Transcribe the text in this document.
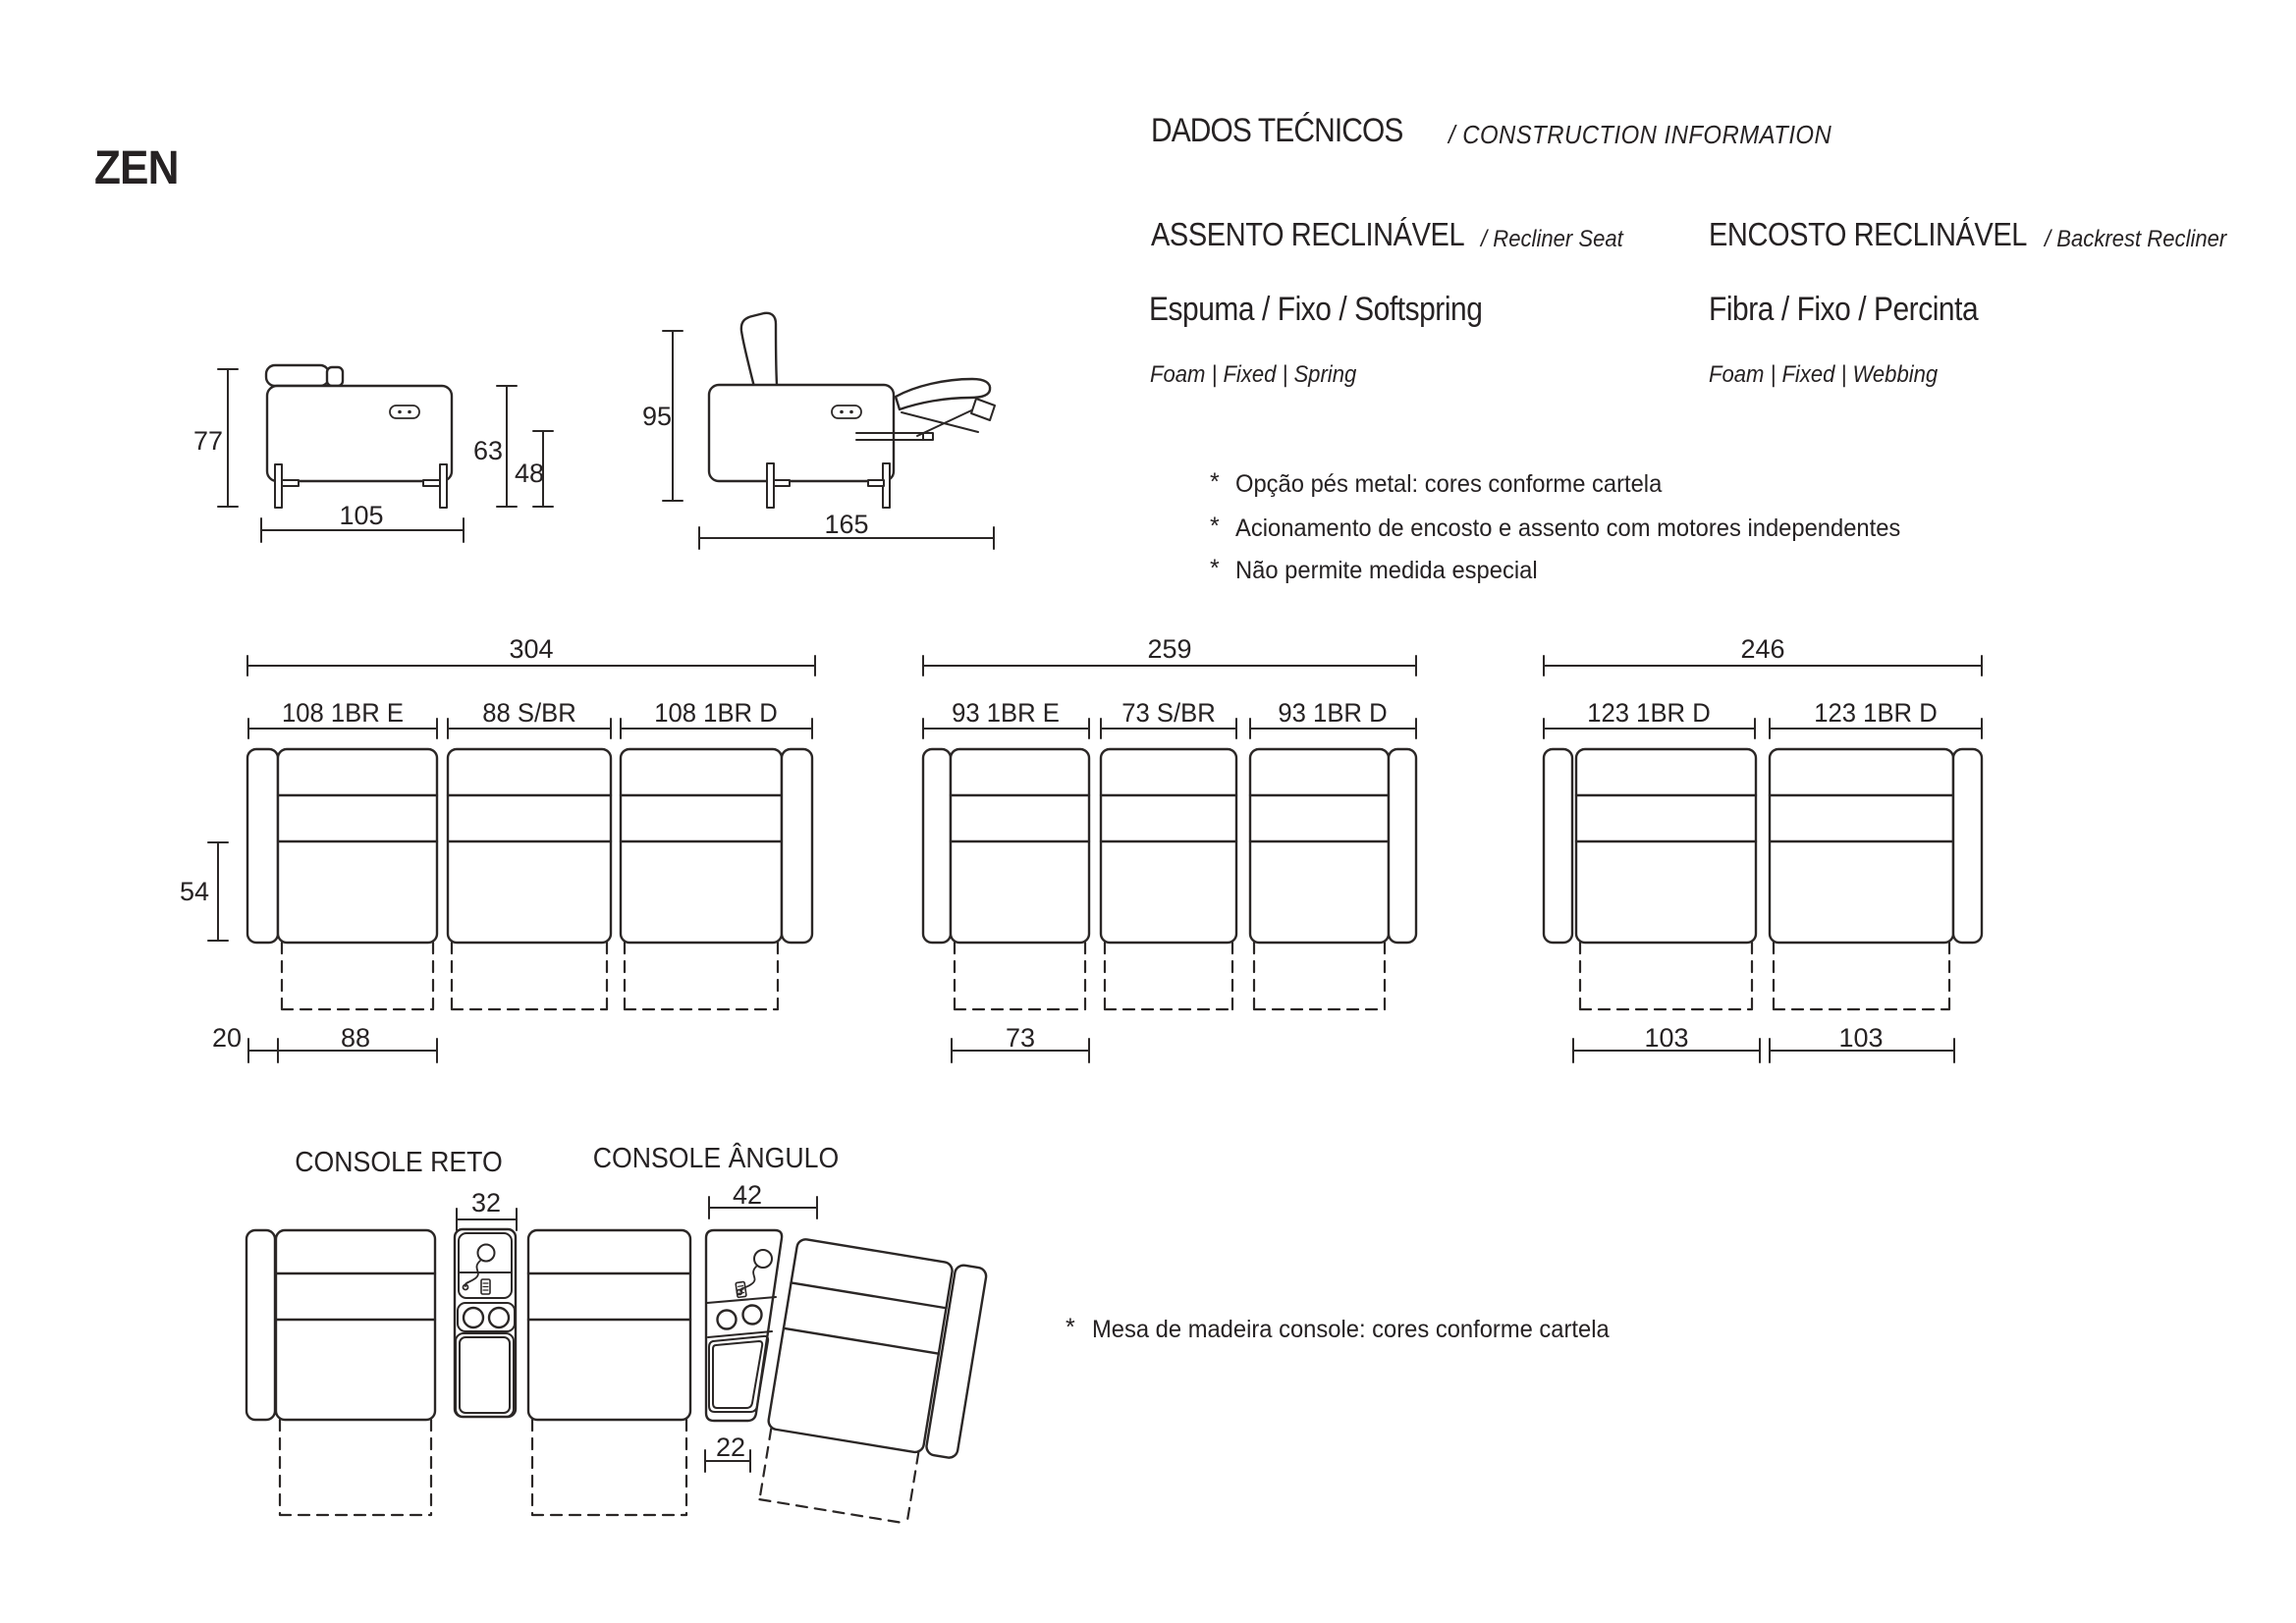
ZEN
DADOS TEĆNICOS / CONSTRUCTION INFORMATION
ASSENTO RECLINÁVEL / Recliner Seat
Espuma / Fixo / Softspring
Foam | Fixed | Spring
ENCOSTO RECLINÁVEL / Backrest Recliner
Fibra / Fixo / Percinta
Foam | Fixed | Webbing
* Opção pés metal: cores conforme cartela
* Acionamento de encosto e assento com motores independentes
* Não permite medida especial
77	63
48
105
95
165
304
108 1BR E	88 S/BR	108 1BR D
54
20	88
259
93 1BR E 73 S/BR 93 1BR D
73
246
123 1BR D	123 1BR D
103	103
CONSOLE RETO	CONSOLE ÂNGULO
32	42
22
* Mesa de madeira console: cores conforme cartela
